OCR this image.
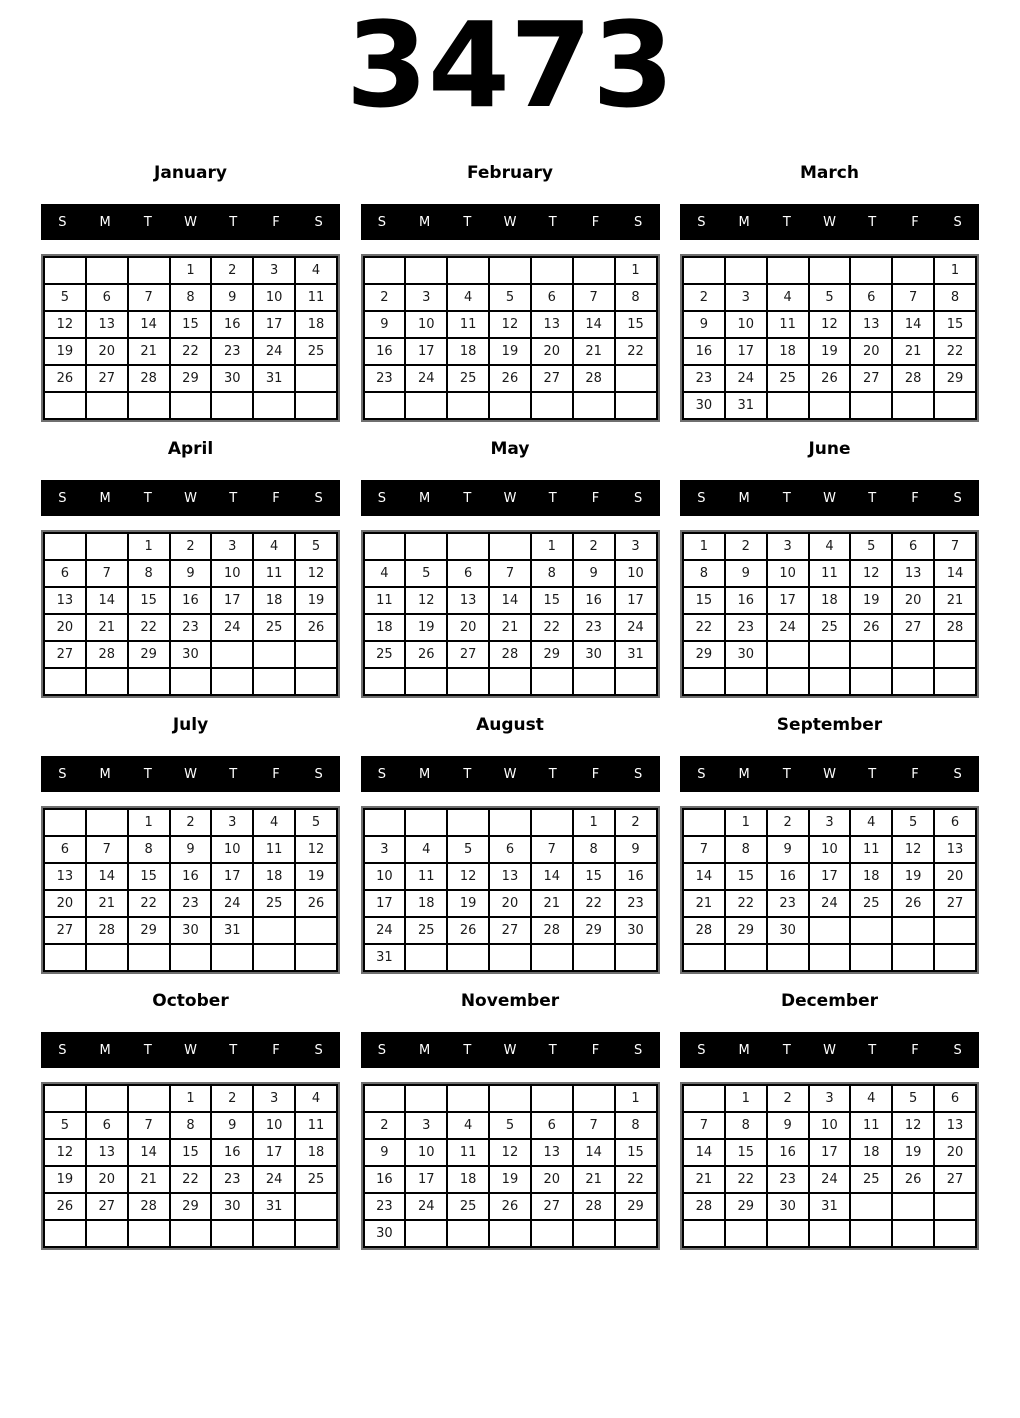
3473
January
S	M	T	W	T	F	S
			1	2	3	4
5	6	7	8	9	10	11
12	13	14	15	16	17	18
19	20	21	22	23	24	25
26	27	28	29	30	31	

February
S	M	T	W	T	F	S
						1
2	3	4	5	6	7	8
9	10	11	12	13	14	15
16	17	18	19	20	21	22
23	24	25	26	27	28	

March
S	M	T	W	T	F	S
						1
2	3	4	5	6	7	8
9	10	11	12	13	14	15
16	17	18	19	20	21	22
23	24	25	26	27	28	29
30	31					
April
S	M	T	W	T	F	S
		1	2	3	4	5
6	7	8	9	10	11	12
13	14	15	16	17	18	19
20	21	22	23	24	25	26
27	28	29	30			

May
S	M	T	W	T	F	S
				1	2	3
4	5	6	7	8	9	10
11	12	13	14	15	16	17
18	19	20	21	22	23	24
25	26	27	28	29	30	31

June
S	M	T	W	T	F	S
1	2	3	4	5	6	7
8	9	10	11	12	13	14
15	16	17	18	19	20	21
22	23	24	25	26	27	28
29	30					

July
S	M	T	W	T	F	S
		1	2	3	4	5
6	7	8	9	10	11	12
13	14	15	16	17	18	19
20	21	22	23	24	25	26
27	28	29	30	31		

August
S	M	T	W	T	F	S
					1	2
3	4	5	6	7	8	9
10	11	12	13	14	15	16
17	18	19	20	21	22	23
24	25	26	27	28	29	30
31						
September
S	M	T	W	T	F	S
	1	2	3	4	5	6
7	8	9	10	11	12	13
14	15	16	17	18	19	20
21	22	23	24	25	26	27
28	29	30				

October
S	M	T	W	T	F	S
			1	2	3	4
5	6	7	8	9	10	11
12	13	14	15	16	17	18
19	20	21	22	23	24	25
26	27	28	29	30	31	

November
S	M	T	W	T	F	S
						1
2	3	4	5	6	7	8
9	10	11	12	13	14	15
16	17	18	19	20	21	22
23	24	25	26	27	28	29
30						
December
S	M	T	W	T	F	S
	1	2	3	4	5	6
7	8	9	10	11	12	13
14	15	16	17	18	19	20
21	22	23	24	25	26	27
28	29	30	31			
